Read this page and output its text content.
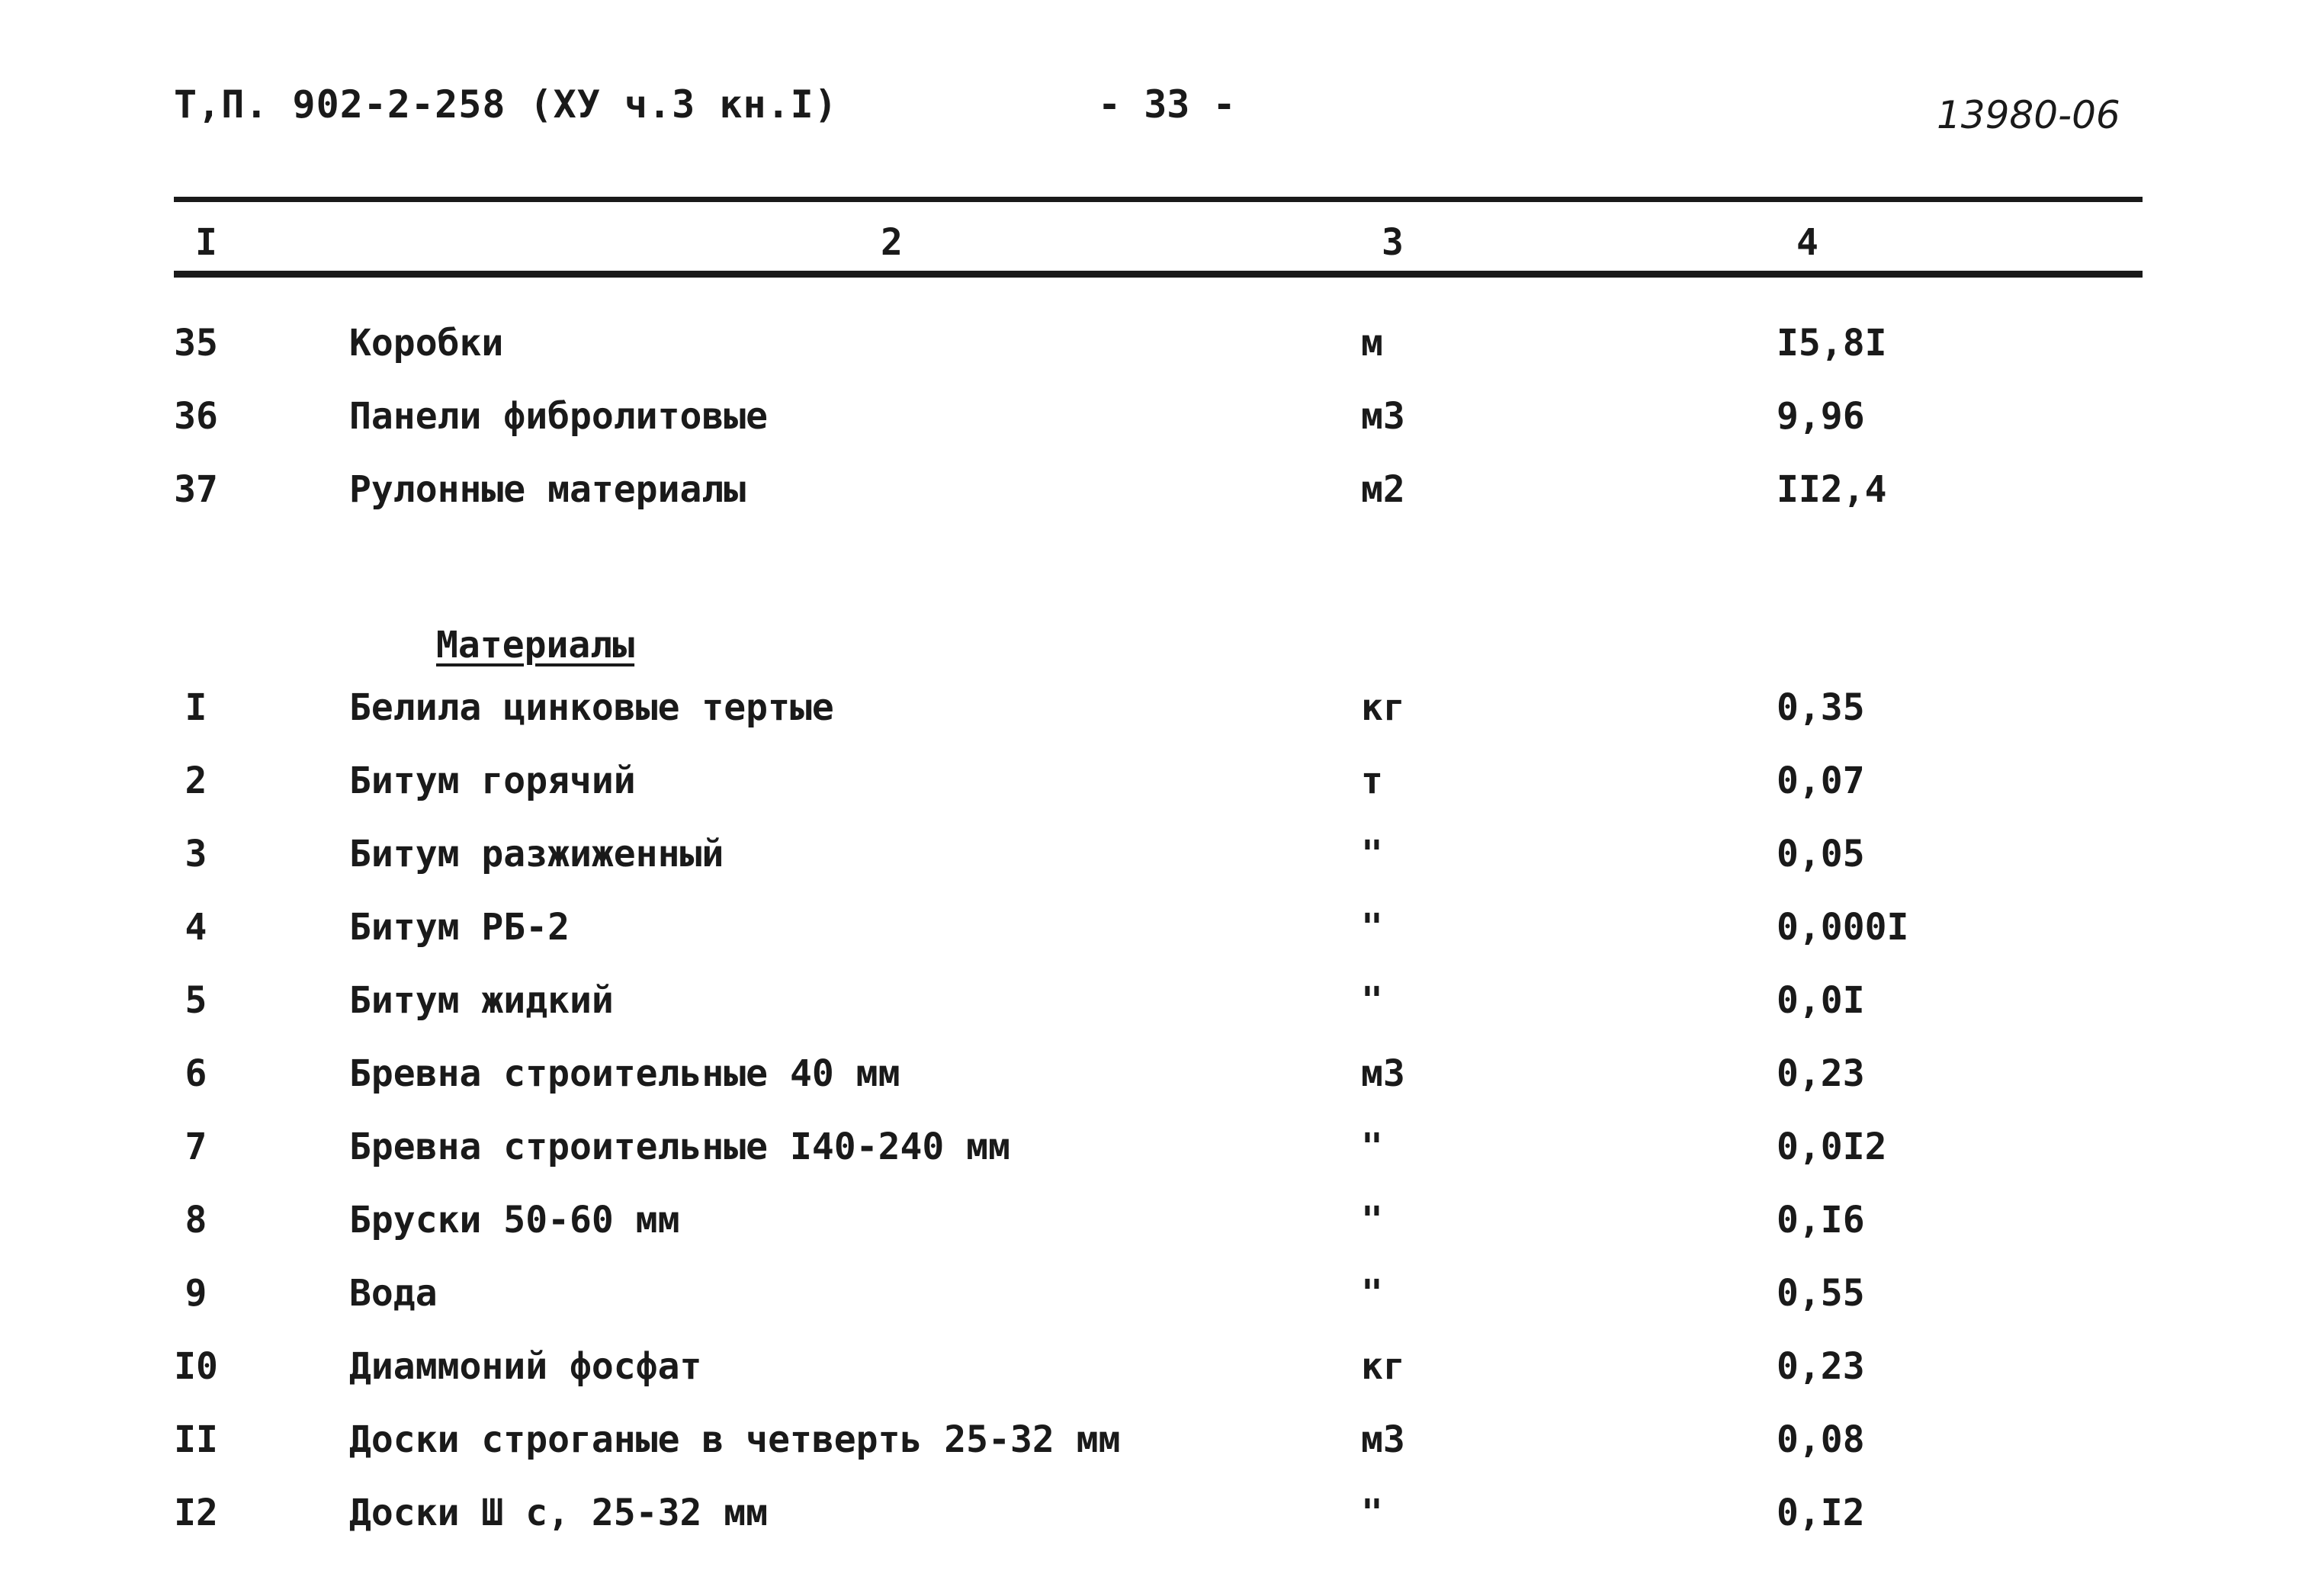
Т,П. 902-2-258 (ХУ ч.3 кн.I)	- 33 -	13980-06
I	2	3	4
35	Коробки	м	I5,8I
36	Панели фибролитовые	м3	9,96
37	Рулонные материалы	м2	II2,4
Материалы
I	Белила цинковые тертые	кг	0,35
2	Битум горячий	т	0,07
3	Битум разжиженный	"	0,05
4	Битум РБ-2	"	0,000I
5	Битум жидкий	"	0,0I
6	Бревна строительные 40 мм	м3	0,23
7	Бревна строительные I40-240 мм	"	0,0I2
8	Бруски 50-60 мм	"	0,I6
9	Вода	"	0,55
I0	Диаммоний фосфат	кг	0,23
II	Доски строганые в четверть 25-32 мм	м3	0,08
I2	Доски Ш с, 25-32 мм	"	0,I2
